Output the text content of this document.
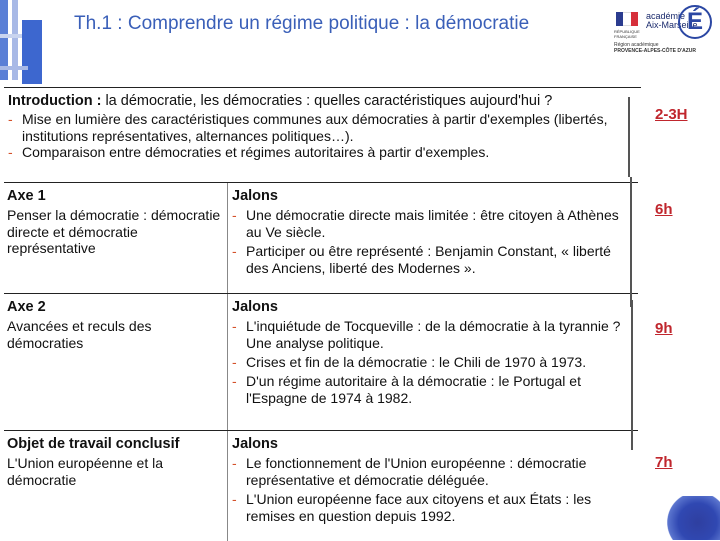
Th.1 : Comprendre un régime politique : la démocratie	RÉPUBLIQUE FRANÇAISE
académie
Aix-Marseille
É
Région académique
PROVENCE-ALPES-CÔTE D'AZUR
Introduction : la démocratie, les démocraties : quelles caractéristiques aujourd'hui ?
- Mise en lumière des caractéristiques communes aux démocraties à partir d'exemples (libertés, institutions représentatives, alternances politiques…).
- Comparaison entre démocraties et régimes autoritaires à partir d'exemples.
Axe 1
Penser la démocratie : démocratie directe et démocratie représentative
Jalons
- Une démocratie directe mais limitée : être citoyen à Athènes au Ve siècle.
- Participer ou être représenté : Benjamin Constant, « liberté des Anciens, liberté des Modernes ».
Axe 2
Avancées et reculs des démocraties
Jalons
- L'inquiétude de Tocqueville : de la démocratie à la tyrannie ? Une analyse politique.
- Crises et fin de la démocratie : le Chili de 1970 à 1973.
- D'un régime autoritaire à la démocratie : le Portugal et l'Espagne de 1974 à 1982.
Objet de travail conclusif
L'Union européenne et la démocratie
Jalons
- Le fonctionnement de l'Union européenne : démocratie représentative et démocratie déléguée.
- L'Union européenne face aux citoyens et aux États : les remises en question depuis 1992.
2-3H
6h
9h
7h
